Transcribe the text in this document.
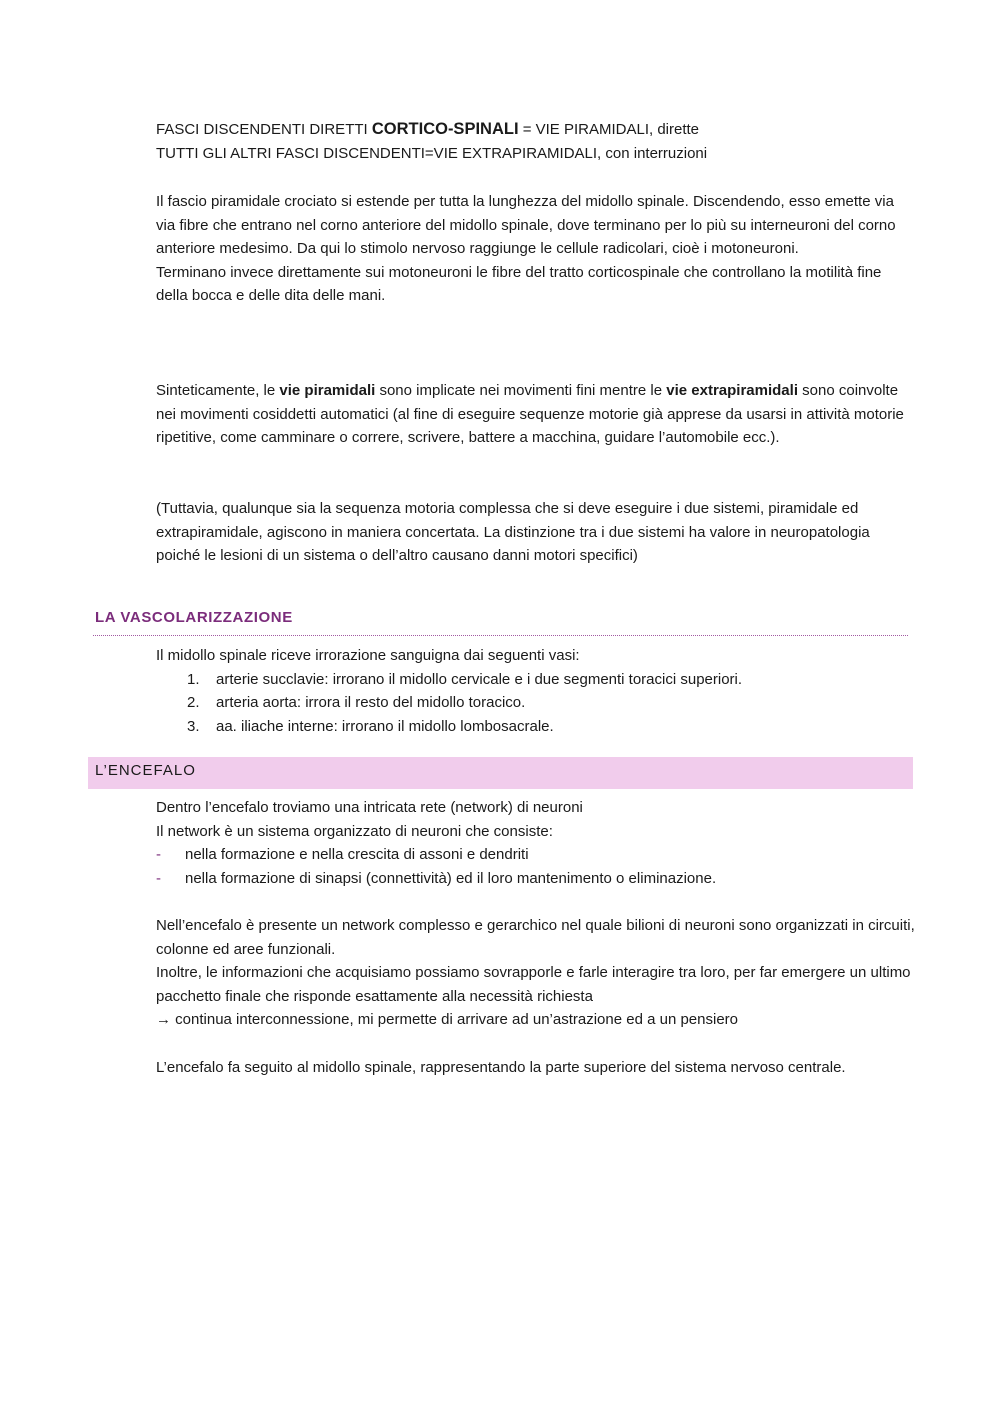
FASCI DISCENDENTI DIRETTI CORTICO-SPINALI = VIE PIRAMIDALI, dirette

TUTTI GLI ALTRI FASCI DISCENDENTI=VIE EXTRAPIRAMIDALI, con interruzioni

Il fascio piramidale crociato si estende per tutta la lunghezza del midollo spinale. Discendendo, esso emette via via fibre che entrano nel corno anteriore del midollo spinale, dove terminano per lo più su interneuroni del corno anteriore medesimo. Da qui lo stimolo nervoso raggiunge le cellule radicolari, cioè i motoneuroni.

Terminano invece direttamente sui motoneuroni le fibre del tratto corticospinale che controllano la motilità fine della bocca e delle dita delle mani.

Sinteticamente, le vie piramidali sono implicate nei movimenti fini mentre le vie extrapiramidali sono coinvolte nei movimenti cosiddetti automatici (al fine di eseguire sequenze motorie già apprese da usarsi in attività motorie ripetitive, come camminare o correre, scrivere, battere a macchina, guidare l’automobile ecc.).

(Tuttavia, qualunque sia la sequenza motoria complessa che si deve eseguire i due sistemi, piramidale ed extrapiramidale, agiscono in maniera concertata. La distinzione tra i due sistemi ha valore in neuropatologia poiché le lesioni di un sistema o dell’altro causano danni motori specifici)

LA VASCOLARIZZAZIONE

Il midollo spinale riceve irrorazione sanguigna dai seguenti vasi:

1. arterie succlavie: irrorano il midollo cervicale e i due segmenti toracici superiori.
2. arteria aorta: irrora il resto del midollo toracico.
3. aa. iliache interne: irrorano il midollo lombosacrale.
L’ENCEFALO

Dentro l’encefalo troviamo una intricata rete (network) di neuroni

Il network è un sistema organizzato di neuroni che consiste:

- nella formazione e nella crescita di assoni e dendriti
- nella formazione di sinapsi (connettività) ed il loro mantenimento o eliminazione.

Nell’encefalo è presente un network complesso e gerarchico nel quale bilioni di neuroni sono organizzati in circuiti, colonne ed aree funzionali.

Inoltre, le informazioni che acquisiamo possiamo sovrapporle e farle interagire tra loro, per far emergere un ultimo pacchetto finale che risponde esattamente alla necessità richiesta

→ continua interconnessione, mi permette di arrivare ad un’astrazione ed a un pensiero

L’encefalo fa seguito al midollo spinale, rappresentando la parte superiore del sistema nervoso centrale.
